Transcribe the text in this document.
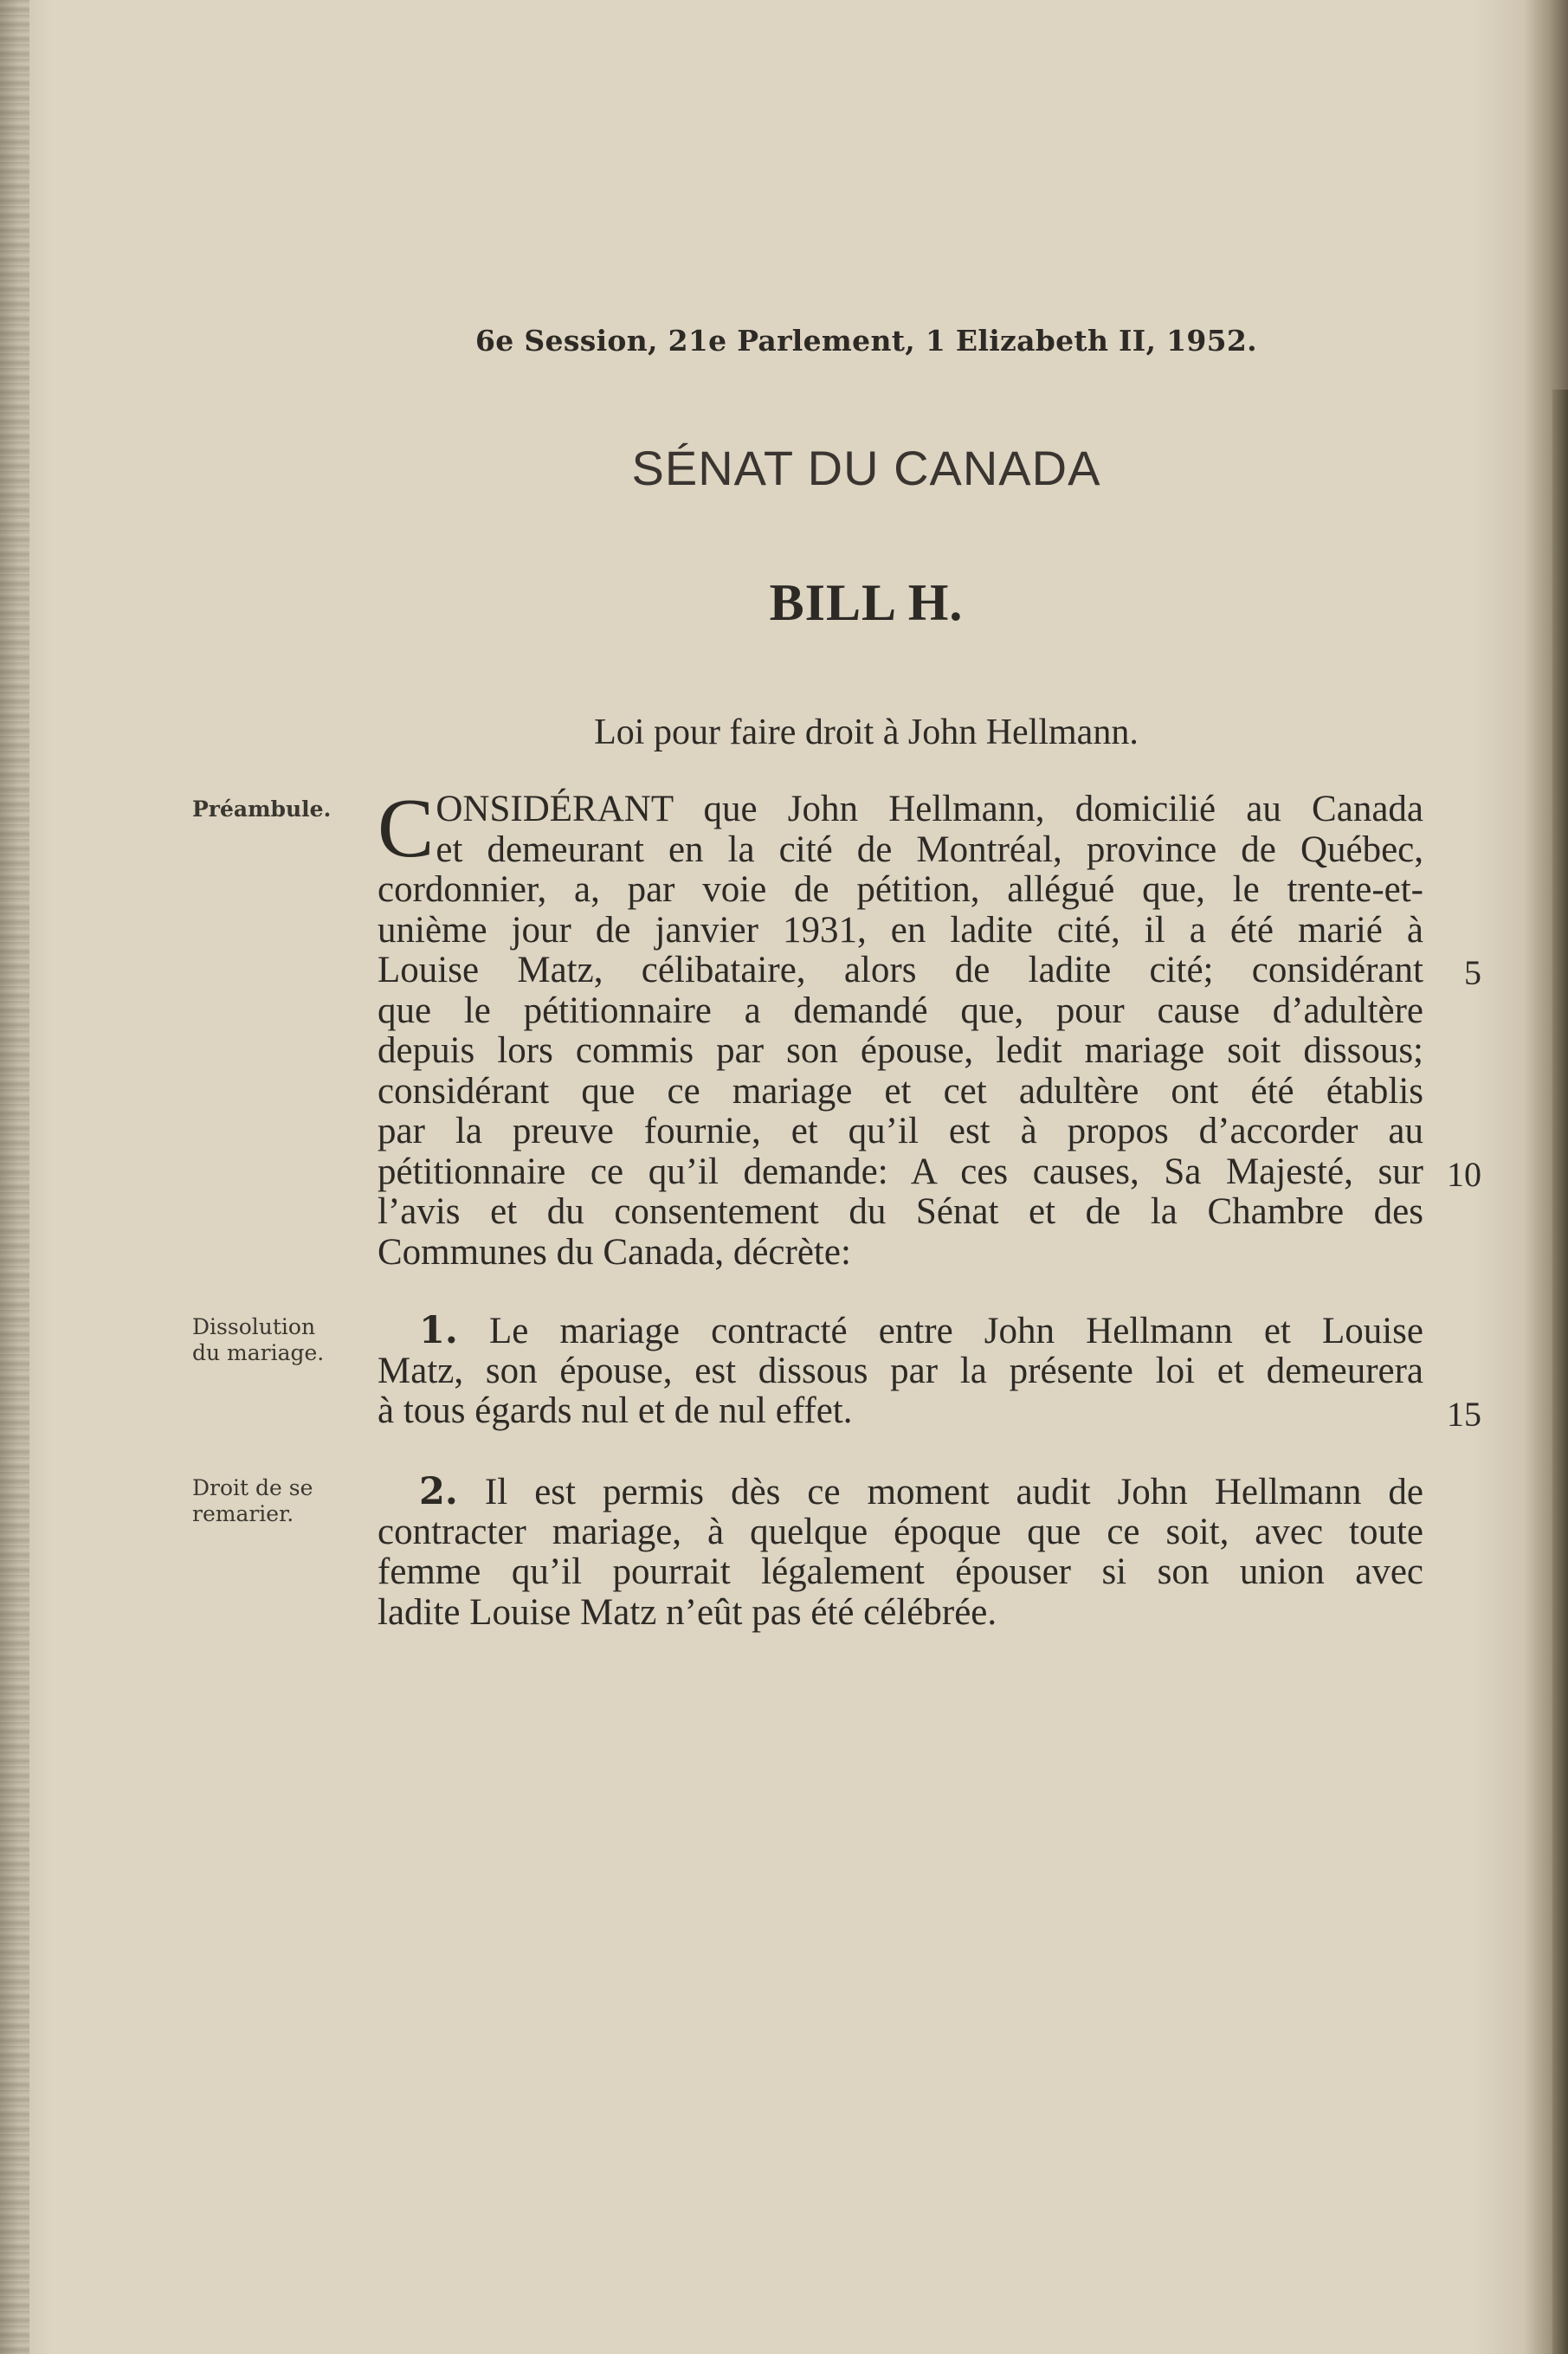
6e Session, 21e Parlement, 1 Elizabeth II, 1952.
SÉNAT DU CANADA
BILL H.
Loi pour faire droit à John Hellmann.
Préambule.
Dissolution
du mariage.
Droit de se
remarier.
C ONSIDÉRANT que John Hellmann, domicilié au Canada
et demeurant en la cité de Montréal, province de Québec,
cordonnier, a, par voie de pétition, allégué que, le trente-et-
unième jour de janvier 1931, en ladite cité, il a été marié à
Louise Matz, célibataire, alors de ladite cité; considérant
que le pétitionnaire a demandé que, pour cause d’adultère
depuis lors commis par son épouse, ledit mariage soit dissous;
considérant que ce mariage et cet adultère ont été établis
par la preuve fournie, et qu’il est à propos d’accorder au
pétitionnaire ce qu’il demande: A ces causes, Sa Majesté, sur
l’avis et du consentement du Sénat et de la Chambre des
Communes du Canada, décrète:
1. Le mariage contracté entre John Hellmann et Louise
Matz, son épouse, est dissous par la présente loi et demeurera
à tous égards nul et de nul effet.
2. Il est permis dès ce moment audit John Hellmann de
contracter mariage, à quelque époque que ce soit, avec toute
femme qu’il pourrait légalement épouser si son union avec
ladite Louise Matz n’eût pas été célébrée.
5
10
15
